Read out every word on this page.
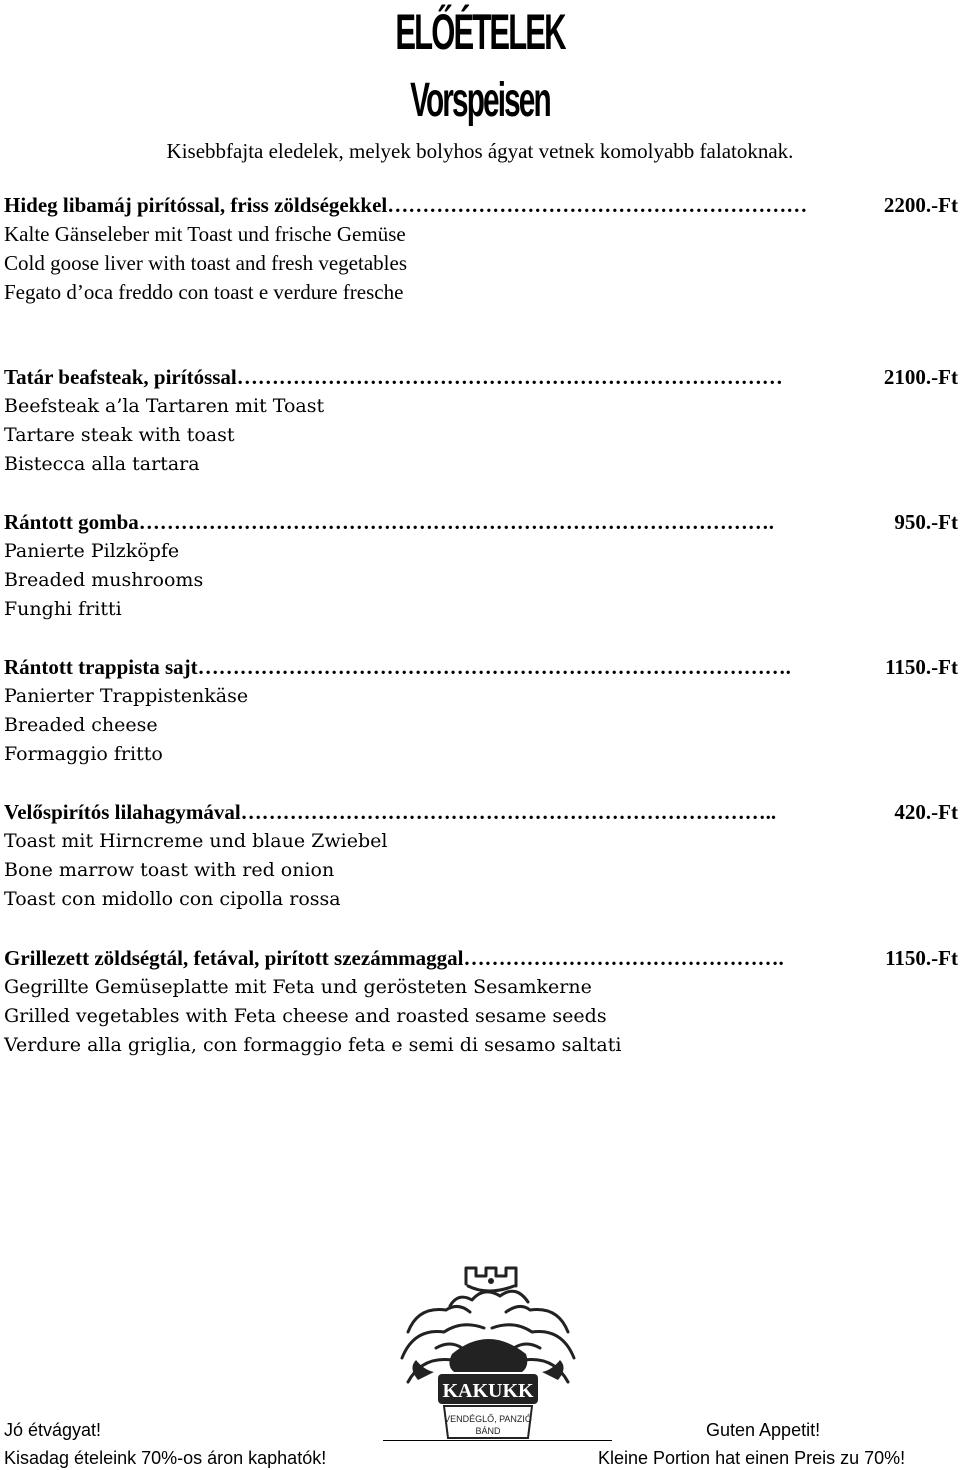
ELŐÉTELEK
Vorspeisen
Kisebbfajta eledelek, melyek bolyhos ágyat vetnek komolyabb falatoknak.
Hideg libamáj pirítóssal, friss zöldségekkel ……………………………………………………	2200.-Ft
Kalte Gänseleber mit Toast und frische Gemüse
Cold goose liver with toast and fresh vegetables
Fegato d’oca freddo con toast e verdure fresche
Tatár beafsteak, pirítóssal ……………………………………………………………………	2100.-Ft
Beefsteak a’la Tartaren mit Toast
Tartare steak with toast
Bistecca alla tartara
Rántott gomba ……………………………………………………………………………….	950.-Ft
Panierte Pilzköpfe
Breaded mushrooms
Funghi fritti
Rántott trappista sajt ………………………………………………………………………….	1150.-Ft
Panierter Trappistenkäse
Breaded cheese
Formaggio fritto
Velőspirítós lilahagymával …………………………………………………………………..	420.-Ft
Toast mit Hirncreme und blaue Zwiebel
Bone marrow toast with red onion
Toast con midollo con cipolla rossa
Grillezett zöldségtál, fetával, pirított szezámmaggal ……………………………………….	1150.-Ft
Gegrillte Gemüseplatte mit Feta und gerösteten Sesamkerne
Grilled vegetables with Feta cheese and roasted sesame seeds
Verdure alla griglia, con formaggio feta e semi di sesamo saltati
KAKUKK
VENDÉGLŐ, PANZIÓ
BÁND
Jó étvágyat!
Kisadag ételeink 70%-os áron kaphatók!
Guten Appetit!
Kleine Portion hat einen Preis zu 70%!
